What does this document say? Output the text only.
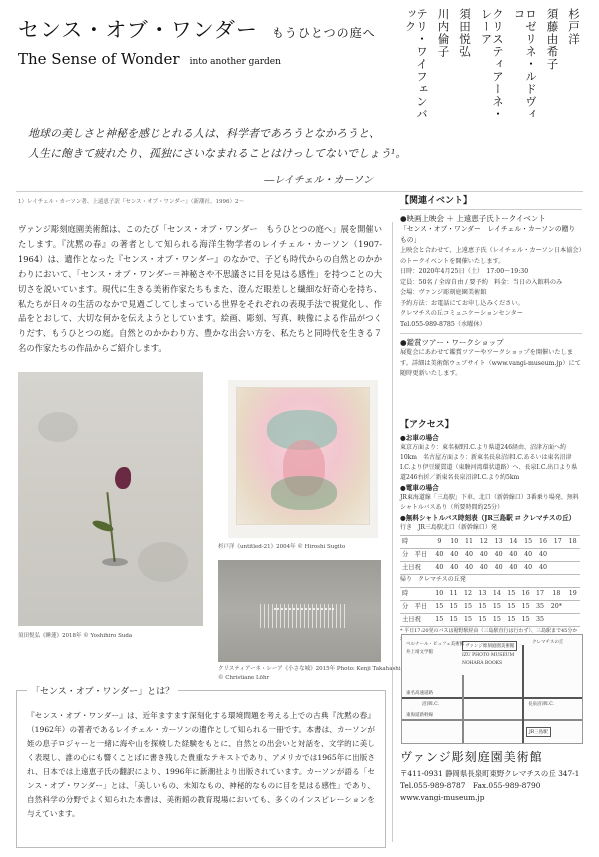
センス・オブ・ワンダー もうひとつの庭へ
The Sense of Wonder into another garden
杉戸洋
須藤由希子
ロゼリネ・ルドヴィコ
クリスティアーネ・レーア
須田悦弘
川内倫子
テリ・ワイフェンバック
地球の美しさと神秘を感じとれる人は、科学者であろうとなかろうと、
人生に飽きて疲れたり、孤独にさいなまれることはけっしてないでしょう¹。
―レイチェル・カーソン
1）レイチェル・カーソン著、上遠恵子訳『センス・オブ・ワンダー』（新潮社、1996）2〜
ヴァンジ彫刻庭園美術館は、このたび「センス・オブ・ワンダー　もうひとつの庭へ」展を開催いたします。『沈黙の春』の著者として知られる海洋生物学者のレイチェル・カーソン（1907-1964）は、遺作となった『センス・オブ・ワンダー』のなかで、子ども時代からの自然とのかかわりにおいて、「センス・オブ・ワンダー＝神秘さや不思議さに目を見はる感性」を持つことの大切さを説いています。現代に生きる美術作家たちもまた、澄んだ眼差しと繊細な好奇心を持ち、私たちが日々の生活のなかで見過ごしてしまっている世界をそれぞれの表現手法で視覚化し、作品をとおして、大切な何かを伝えようとしています。絵画、彫刻、写真、映像による作品がつくりだす、もうひとつの庭。自然とのかかわり方、豊かな出会い方を、私たちと同時代を生きる７名の作家たちの作品からご紹介します。
須田悦弘《睡蓮》2018年 © Yoshihiro Suda
杉戸洋《untitled-21》2004年 © Hiroshi Sugito
クリスティアーネ・レーア《小さな城》2015年 Photo: Kenji Takahashi
© Christiane Löhr
「センス・オブ・ワンダー」とは？
『センス・オブ・ワンダー』は、近年ますます深刻化する環境問題を考える上での古典『沈黙の春』（1962年）の著者であるレイチェル・カーソンの遺作として知られる一冊です。本書は、カーソンが姪の息子ロジャーと一緒に海や山を探検した経験をもとに、自然との出会いと対話を、文学的に美しく表現し、誰の心にも響くことばに書き残した貴重なテキストであり、アメリカでは1965年に出版され、日本では上遠恵子氏の翻訳により、1996年に新潮社より出版されています。カーソンが語る「センス・オブ・ワンダー」とは、「美しいもの、未知なもの、神秘的なものに目を見はる感性」であり、自然科学の分野でよく知られた本書は、美術館の教育現場においても、多くのインスピレーションを与えています。
【関連イベント】
●映画上映会 ＋ 上遠恵子氏トークイベント
「センス・オブ・ワンダー　レイチェル・カーソンの贈りもの」
上映会と合わせて、上遠恵子氏（レイチェル・カーソン日本協会）のトークイベントを開催いたします。
日時：2020年4月25日（土）　17:00〜19:30
定員：50名 / 全席自由 / 要予約　料金：当日の入館料のみ
会場：ヴァンジ彫刻庭園美術館
予約方法：お電話にてお申し込みください。
クレマチスの丘コミュニケーションセンター
Tel.055-989-8785（水曜休）
●鑑賞ツアー・ワークショップ
展覧会にあわせて鑑賞ツアーやワークショップを開催いたします。詳細は美術館ウェブサイト（www.vangi-museum.jp）にて随時更新いたします。
【アクセス】
●お車の場合
東京方面より：東名裾野I.C.より県道246経由、沼津方面へ約10km　名古屋方面より：新東名長泉沼津I.C.あるいは東名沼津I.C.より伊豆縦貫道（東駿河湾環状道路）へ、長泉I.C.出口より県道246右折／新東名長泉沼津I.C.より約5km
●電車の場合
JR東海道線「三島駅」下車、北口（新幹線口）3番乗り場発、無料シャトルバスあり（所要時間約25分）
●無料シャトルバス時刻表（JR三島駅 ⇄ クレマチスの丘）
行き　JR三島駅北口（新幹線口）発
時	9	10	11	12	13	14	15	16	17	18
分　平日	40	40	40	40	40	40	40	40		
土日祝	40	40	40	40	40	40	40	40		
帰り　クレマチスの丘発
時	10	11	12	13	14	15	16	17	18	19
分　平日	15	15	15	15	15	15	15	35	20*	
土日祝	15	15	15	15	15	15	15	35		
* 平日17:20発のバスは裾野駅経由（三島駅直行は行わず）、三島駅まで45分か
ヴァンジ彫刻庭園美術館
クレマチスの丘
IZU PHOTO MUSEUM
NOHARA BOOKS
ベルナール・ビュフェ美術館
井上靖文学館
東名高速道路
東海道新幹線
JR三島駅
沼津I.C.	長泉沼津I.C.
ヴァンジ彫刻庭園美術館
〒411-0931 静岡県長泉町東野クレマチスの丘 347-1
Tel.055-989-8787　Fax.055-989-8790
www.vangi-museum.jp
